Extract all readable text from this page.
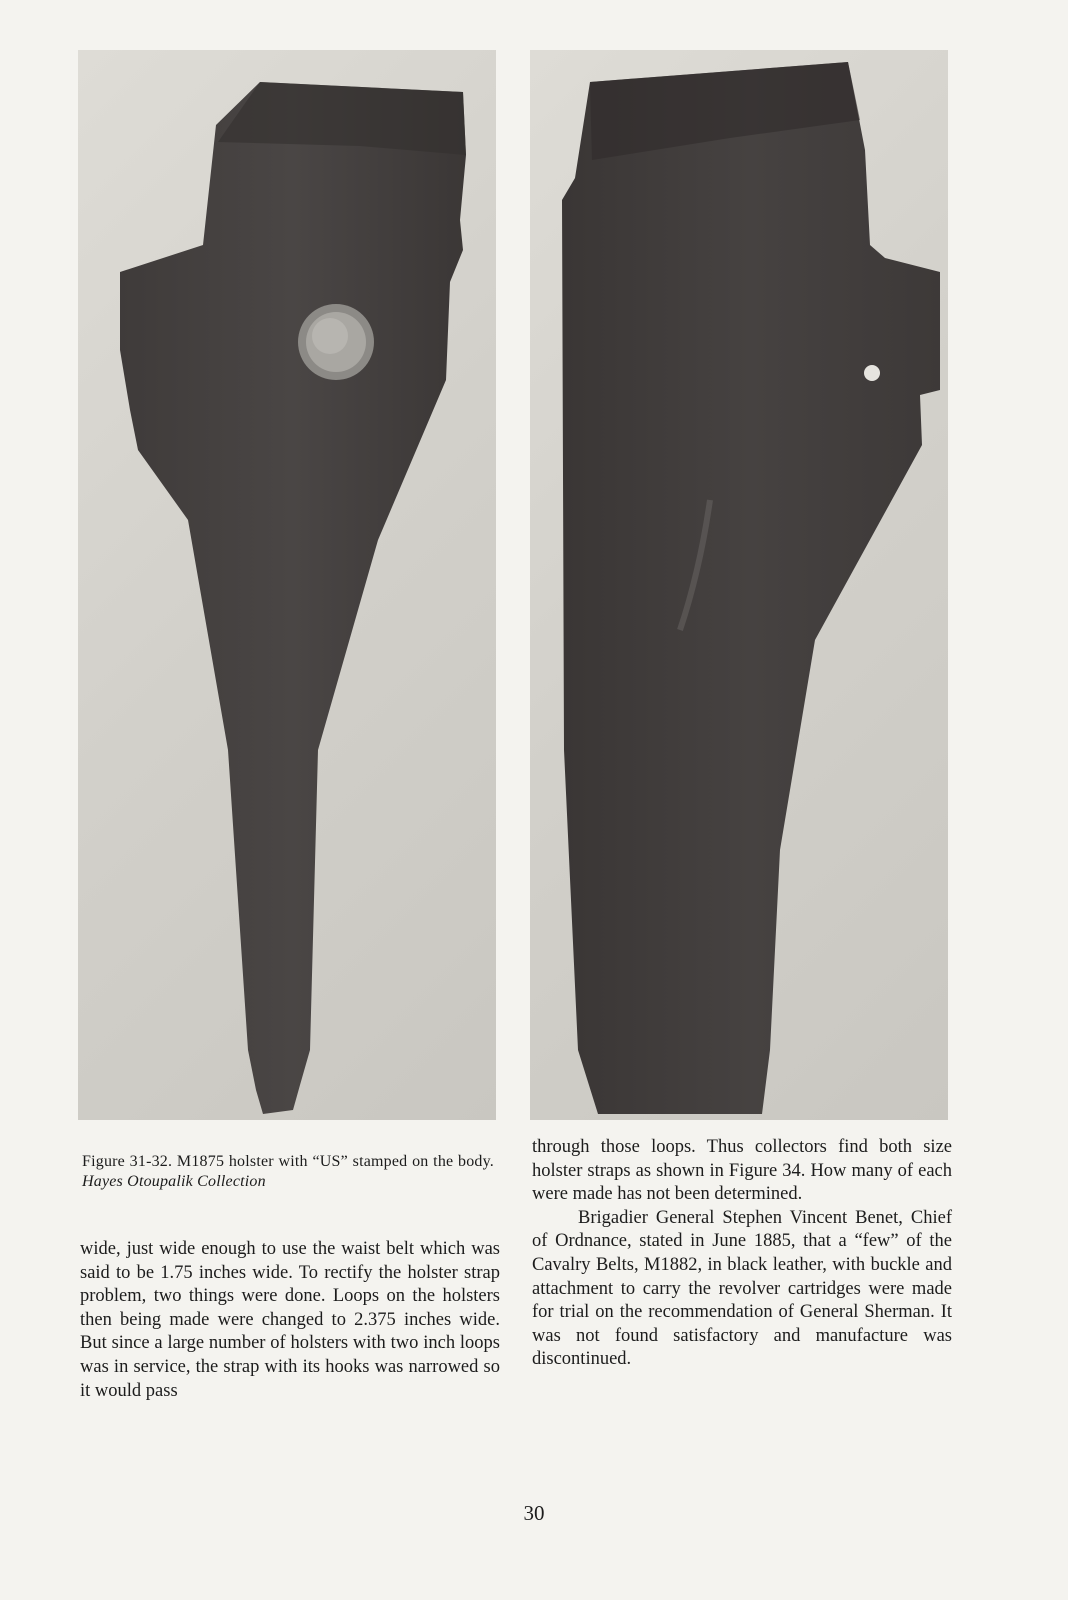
Figure 31-32. M1875 holster with “US” stamped on the body. Hayes Otoupalik Collection

wide, just wide enough to use the waist belt which was said to be 1.75 inches wide. To rectify the holster strap problem, two things were done. Loops on the holsters then being made were changed to 2.375 inches wide. But since a large number of holsters with two inch loops was in service, the strap with its hooks was narrowed so it would pass

through those loops. Thus collectors find both size holster straps as shown in Figure 34. How many of each were made has not been determined.

Brigadier General Stephen Vincent Benet, Chief of Ordnance, stated in June 1885, that a “few” of the Cavalry Belts, M1882, in black leather, with buckle and attachment to carry the revolver cartridges were made for trial on the recommendation of General Sherman. It was not found satisfactory and manufacture was discontinued.

30
